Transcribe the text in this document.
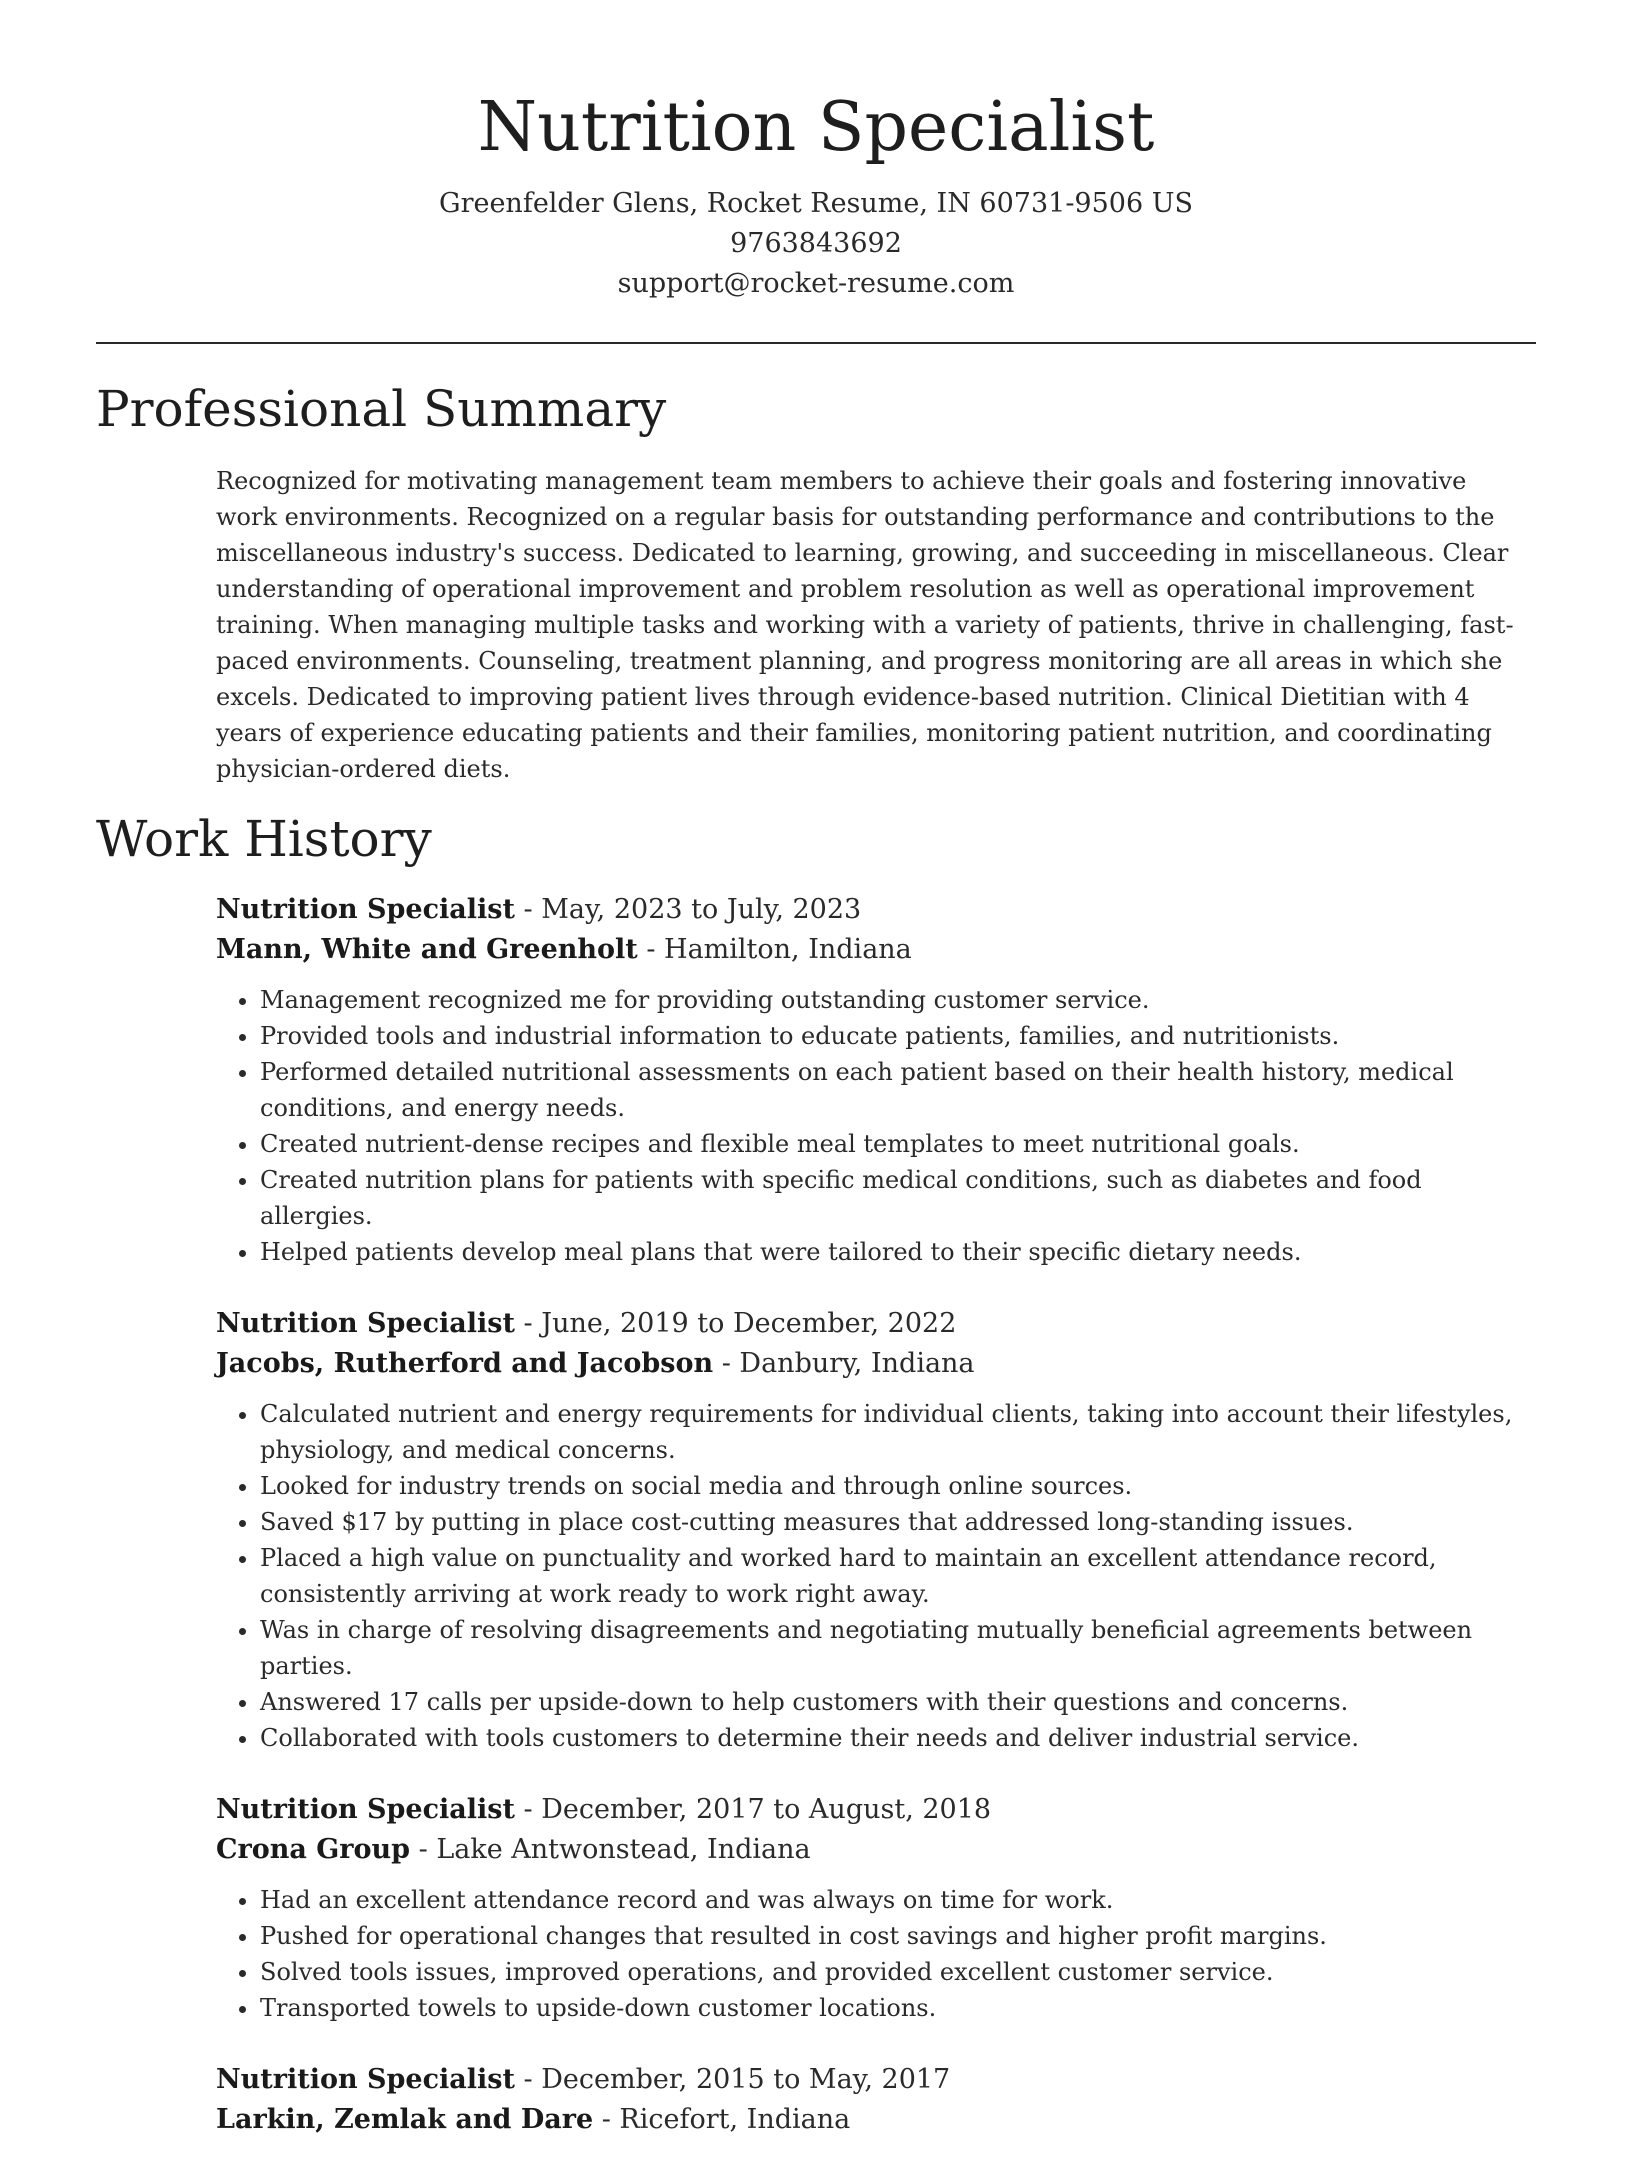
Nutrition Specialist
Greenfelder Glens, Rocket Resume, IN 60731-9506 US
9763843692
support@rocket-resume.com
Professional Summary

Recognized for motivating management team members to achieve their goals and fostering innovative work environments. Recognized on a regular basis for outstanding performance and contributions to the miscellaneous industry's success. Dedicated to learning, growing, and succeeding in miscellaneous. Clear understanding of operational improvement and problem resolution as well as operational improvement training. When managing multiple tasks and working with a variety of patients, thrive in challenging, fast-paced environments. Counseling, treatment planning, and progress monitoring are all areas in which she excels. Dedicated to improving patient lives through evidence-based nutrition. Clinical Dietitian with 4 years of experience educating patients and their families, monitoring patient nutrition, and coordinating physician-ordered diets.

Work History
Nutrition Specialist - May, 2023 to July, 2023
Mann, White and Greenholt - Hamilton, Indiana
• Management recognized me for providing outstanding customer service.
• Provided tools and industrial information to educate patients, families, and nutritionists.
• Performed detailed nutritional assessments on each patient based on their health history, medical conditions, and energy needs.
• Created nutrient-dense recipes and flexible meal templates to meet nutritional goals.
• Created nutrition plans for patients with specific medical conditions, such as diabetes and food allergies.
• Helped patients develop meal plans that were tailored to their specific dietary needs.
Nutrition Specialist - June, 2019 to December, 2022
Jacobs, Rutherford and Jacobson - Danbury, Indiana
• Calculated nutrient and energy requirements for individual clients, taking into account their lifestyles, physiology, and medical concerns.
• Looked for industry trends on social media and through online sources.
• Saved $17 by putting in place cost-cutting measures that addressed long-standing issues.
• Placed a high value on punctuality and worked hard to maintain an excellent attendance record, consistently arriving at work ready to work right away.
• Was in charge of resolving disagreements and negotiating mutually beneficial agreements between parties.
• Answered 17 calls per upside-down to help customers with their questions and concerns.
• Collaborated with tools customers to determine their needs and deliver industrial service.
Nutrition Specialist - December, 2017 to August, 2018
Crona Group - Lake Antwonstead, Indiana
• Had an excellent attendance record and was always on time for work.
• Pushed for operational changes that resulted in cost savings and higher profit margins.
• Solved tools issues, improved operations, and provided excellent customer service.
• Transported towels to upside-down customer locations.
Nutrition Specialist - December, 2015 to May, 2017
Larkin, Zemlak and Dare - Ricefort, Indiana
